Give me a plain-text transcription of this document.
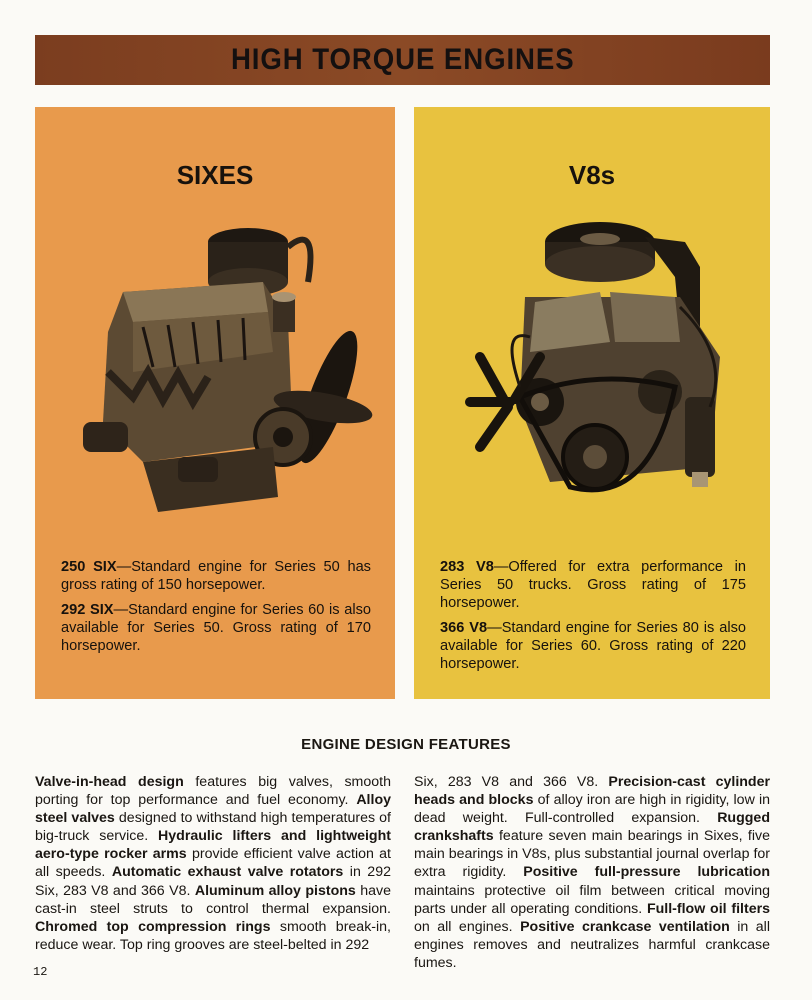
HIGH TORQUE ENGINES
SIXES

250 SIX—Standard engine for Series 50 has gross rating of 150 horsepower.

292 SIX—Standard engine for Series 60 is also available for Series 50. Gross rating of 170 horsepower.

V8s

283 V8—Offered for extra performance in Series 50 trucks. Gross rating of 175 horsepower.

366 V8—Standard engine for Series 80 is also available for Series 60. Gross rating of 220 horsepower.

ENGINE DESIGN FEATURES

Valve-in-head design features big valves, smooth porting for top performance and fuel economy. Alloy steel valves designed to withstand high temperatures of big-truck service. Hydraulic lifters and lightweight aero-type rocker arms provide efficient valve action at all speeds. Automatic exhaust valve rotators in 292 Six, 283 V8 and 366 V8. Aluminum alloy pistons have cast-in steel struts to control thermal expansion. Chromed top compression rings smooth break-in, reduce wear. Top ring grooves are steel-belted in 292

Six, 283 V8 and 366 V8. Precision-cast cylinder heads and blocks of alloy iron are high in rigidity, low in dead weight. Full-controlled expansion. Rugged crankshafts feature seven main bearings in Sixes, five main bearings in V8s, plus substantial journal overlap for extra rigidity. Positive full-pressure lubrication maintains protective oil film between critical moving parts under all operating conditions. Full-flow oil filters on all engines. Positive crankcase ventilation in all engines removes and neutralizes harmful crankcase fumes.

12
